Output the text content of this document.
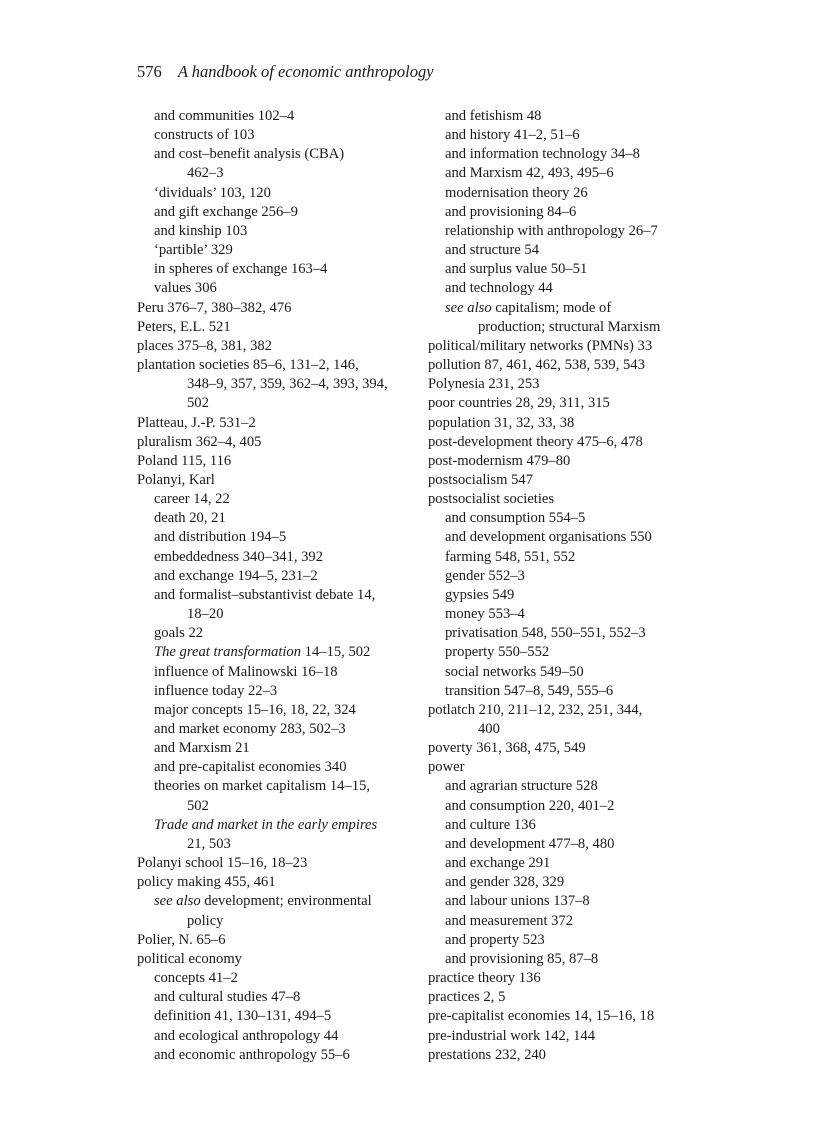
576 A handbook of economic anthropology
and communities 102–4
constructs of 103
and cost–benefit analysis (CBA)
462–3
‘dividuals’ 103, 120
and gift exchange 256–9
and kinship 103
‘partible’ 329
in spheres of exchange 163–4
values 306
Peru 376–7, 380–382, 476
Peters, E.L. 521
places 375–8, 381, 382
plantation societies 85–6, 131–2, 146,
348–9, 357, 359, 362–4, 393, 394,
502
Platteau, J.-P. 531–2
pluralism 362–4, 405
Poland 115, 116
Polanyi, Karl
career 14, 22
death 20, 21
and distribution 194–5
embeddedness 340–341, 392
and exchange 194–5, 231–2
and formalist–substantivist debate 14,
18–20
goals 22
The great transformation 14–15, 502
influence of Malinowski 16–18
influence today 22–3
major concepts 15–16, 18, 22, 324
and market economy 283, 502–3
and Marxism 21
and pre-capitalist economies 340
theories on market capitalism 14–15,
502
Trade and market in the early empires
21, 503
Polanyi school 15–16, 18–23
policy making 455, 461
see also development; environmental
policy
Polier, N. 65–6
political economy
concepts 41–2
and cultural studies 47–8
definition 41, 130–131, 494–5
and ecological anthropology 44
and economic anthropology 55–6
and fetishism 48
and history 41–2, 51–6
and information technology 34–8
and Marxism 42, 493, 495–6
modernisation theory 26
and provisioning 84–6
relationship with anthropology 26–7
and structure 54
and surplus value 50–51
and technology 44
see also capitalism; mode of
production; structural Marxism
political/military networks (PMNs) 33
pollution 87, 461, 462, 538, 539, 543
Polynesia 231, 253
poor countries 28, 29, 311, 315
population 31, 32, 33, 38
post-development theory 475–6, 478
post-modernism 479–80
postsocialism 547
postsocialist societies
and consumption 554–5
and development organisations 550
farming 548, 551, 552
gender 552–3
gypsies 549
money 553–4
privatisation 548, 550–551, 552–3
property 550–552
social networks 549–50
transition 547–8, 549, 555–6
potlatch 210, 211–12, 232, 251, 344,
400
poverty 361, 368, 475, 549
power
and agrarian structure 528
and consumption 220, 401–2
and culture 136
and development 477–8, 480
and exchange 291
and gender 328, 329
and labour unions 137–8
and measurement 372
and property 523
and provisioning 85, 87–8
practice theory 136
practices 2, 5
pre-capitalist economies 14, 15–16, 18
pre-industrial work 142, 144
prestations 232, 240
